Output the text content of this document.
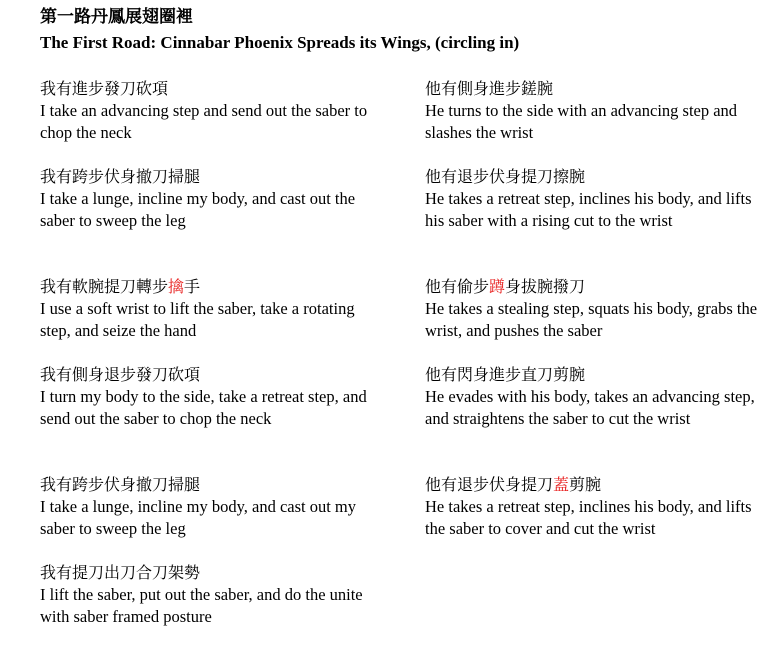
第一路丹鳳展翅圈裡
The First Road: Cinnabar Phoenix Spreads its Wings, (circling in)
我有進步發刀砍項
I take an advancing step and send out the saber to chop the neck
我有跨步伏身撤刀掃腿
I take a lunge, incline my body, and cast out the saber to sweep the leg
我有軟腕提刀轉步擒手
I use a soft wrist to lift the saber, take a rotating step, and seize the hand
我有側身退步發刀砍項
I turn my body to the side, take a retreat step, and send out the saber to chop the neck
我有跨步伏身撤刀掃腿
I take a lunge, incline my body, and cast out my saber to sweep the leg
我有提刀出刀合刀架勢
I lift the saber, put out the saber, and do the unite with saber framed posture
他有側身進步鎈腕
He turns to the side with an advancing step and slashes the wrist
他有退步伏身提刀擦腕
He takes a retreat step, inclines his body, and lifts his saber with a rising cut to the wrist
他有偷步蹲身拔腕撥刀
He takes a stealing step, squats his body, grabs the wrist, and pushes the saber
他有閃身進步直刀剪腕
He evades with his body, takes an advancing step, and straightens the saber to cut the wrist
他有退步伏身提刀蓋剪腕
He takes a retreat step, inclines his body, and lifts the saber to cover and cut the wrist
